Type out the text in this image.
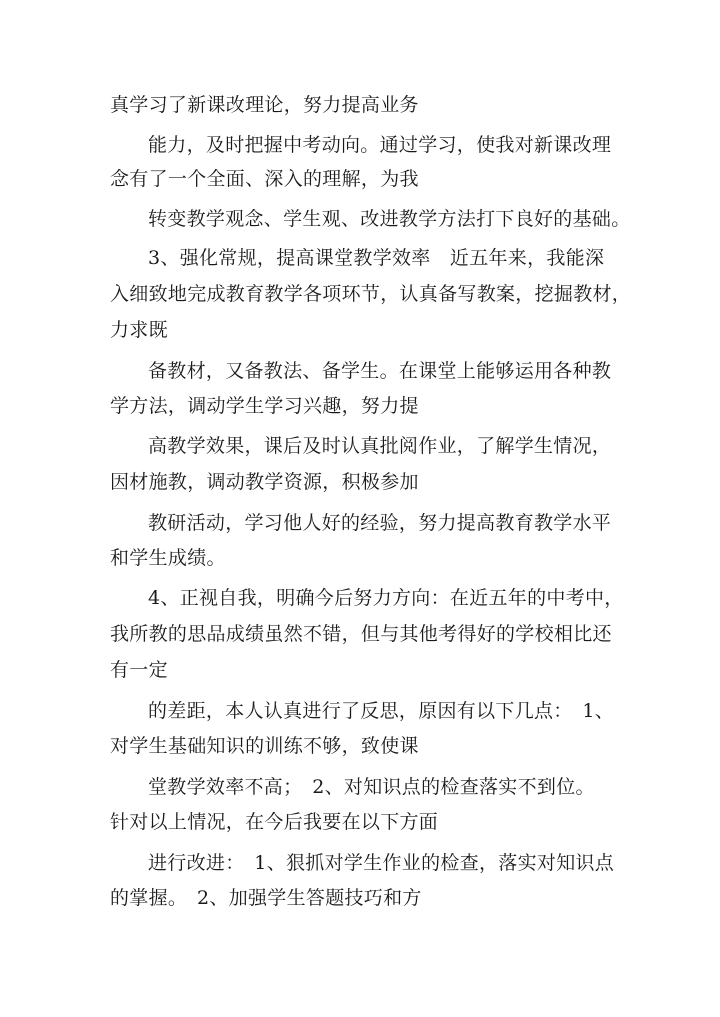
真学习了新课改理论，努力提高业务
能力，及时把握中考动向。通过学习，使我对新课改理
念有了一个全面、深入的理解，为我
转变教学观念、学生观、改进教学方法打下良好的基础。
3、强化常规，提高课堂教学效率　近五年来，我能深
入细致地完成教育教学各项环节，认真备写教案，挖掘教材，
力求既
备教材，又备教法、备学生。在课堂上能够运用各种教
学方法，调动学生学习兴趣，努力提
高教学效果，课后及时认真批阅作业，了解学生情况，
因材施教，调动教学资源，积极参加
教研活动，学习他人好的经验，努力提高教育教学水平
和学生成绩。
4、正视自我，明确今后努力方向：在近五年的中考中，
我所教的思品成绩虽然不错，但与其他考得好的学校相比还
有一定
的差距，本人认真进行了反思，原因有以下几点：　1、
对学生基础知识的训练不够，致使课
堂教学效率不高；　2、对知识点的检查落实不到位。
针对以上情况，在今后我要在以下方面
进行改进：　1、狠抓对学生作业的检查，落实对知识点
的掌握。　2、加强学生答题技巧和方
